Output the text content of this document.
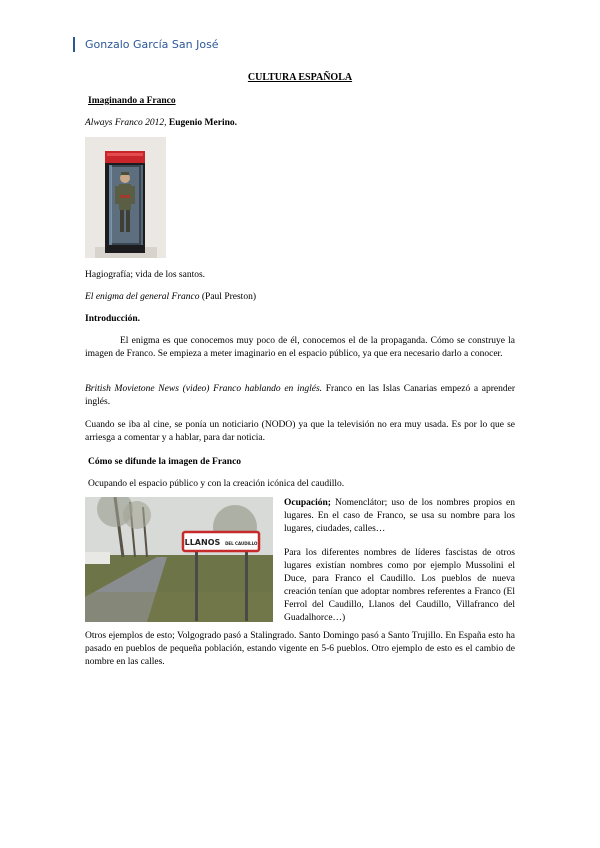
Gonzalo García San José
CULTURA ESPAÑOLA

Imaginando a Franco

Always Franco 2012, Eugenio Merino.

Hagiografía; vida de los santos.

El enigma del general Franco (Paul Preston)

Introducción.

El enigma es que conocemos muy poco de él, conocemos el de la propaganda. Cómo se construye la imagen de Franco. Se empieza a meter imaginario en el espacio público, ya que era necesario darlo a conocer.

British Movietone News (video) Franco hablando en inglés. Franco en las Islas Canarias empezó a aprender inglés.

Cuando se iba al cine, se ponía un noticiario (NODO) ya que la televisión no era muy usada. Es por lo que se arriesga a comentar y a hablar, para dar noticia.

Cómo se difunde la imagen de Franco

Ocupando el espacio público y con la creación icónica del caudillo.

LLANOS DEL CAUDILLO

Ocupación; Nomenclátor; uso de los nombres propios en lugares. En el caso de Franco, se usa su nombre para los lugares, ciudades, calles…

Para los diferentes nombres de líderes fascistas de otros lugares existían nombres como por ejemplo Mussolini el Duce, para Franco el Caudillo. Los pueblos de nueva creación tenían que adoptar nombres referentes a Franco (El Ferrol del Caudillo, Llanos del Caudillo, Villafranco del Guadalhorce…)

Otros ejemplos de esto; Volgogrado pasó a Stalingrado. Santo Domingo pasó a Santo Trujillo. En España esto ha pasado en pueblos de pequeña población, estando vigente en 5-6 pueblos. Otro ejemplo de esto es el cambio de nombre en las calles.
